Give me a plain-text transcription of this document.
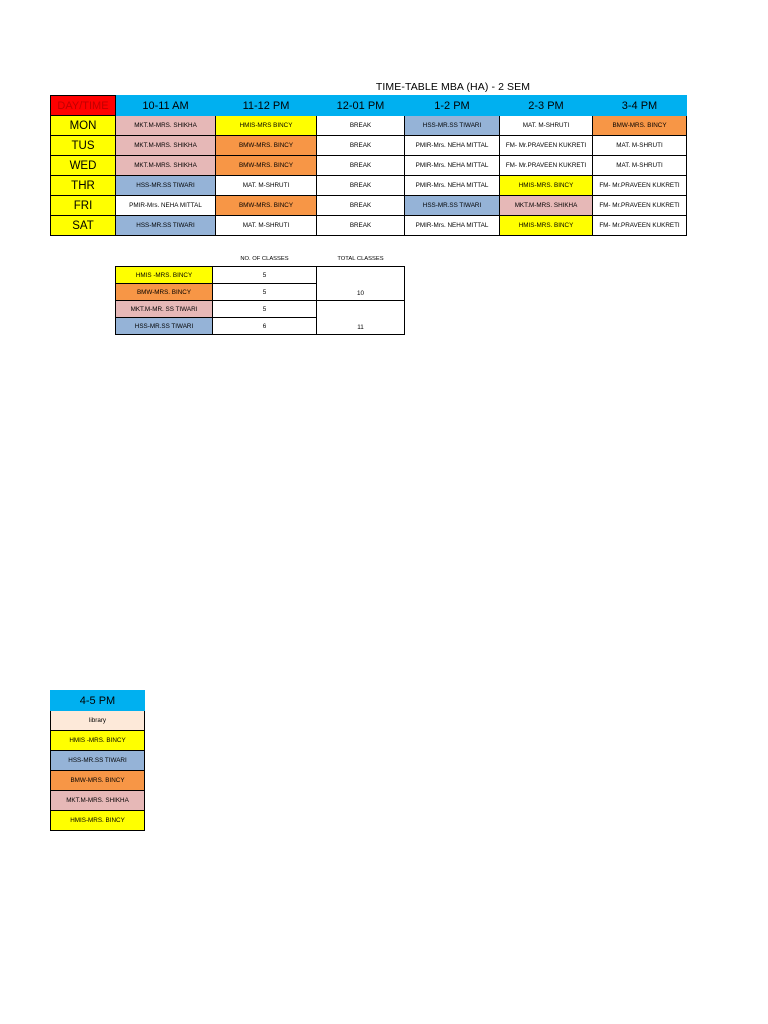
TIME-TABLE MBA (HA) - 2 SEM
DAY/TIME	10-11 AM	11-12 PM	12-01 PM	1-2 PM	2-3 PM	3-4 PM
MON	MKT.M-MRS. SHIKHA	HMIS-MRS BINCY	BREAK	HSS-MR.SS TIWARI	MAT. M-SHRUTI	BMW-MRS. BINCY
TUS	MKT.M-MRS. SHIKHA	BMW-MRS. BINCY	BREAK	PMIR-Mrs. NEHA MITTAL	FM- Mr.PRAVEEN KUKRETI	MAT. M-SHRUTI
WED	MKT.M-MRS. SHIKHA	BMW-MRS. BINCY	BREAK	PMIR-Mrs. NEHA MITTAL	FM- Mr.PRAVEEN KUKRETI	MAT. M-SHRUTI
THR	HSS-MR.SS TIWARI	MAT. M-SHRUTI	BREAK	PMIR-Mrs. NEHA MITTAL	HMIS-MRS. BINCY	FM- Mr.PRAVEEN KUKRETI
FRI	PMIR-Mrs. NEHA MITTAL	BMW-MRS. BINCY	BREAK	HSS-MR.SS TIWARI	MKT.M-MRS. SHIKHA	FM- Mr.PRAVEEN KUKRETI
SAT	HSS-MR.SS TIWARI	MAT. M-SHRUTI	BREAK	PMIR-Mrs. NEHA MITTAL	HMIS-MRS. BINCY	FM- Mr.PRAVEEN KUKRETI
	NO. OF CLASSES	TOTAL CLASSES
HMIS -MRS. BINCY	5	10
BMW-MRS. BINCY	5	
MKT.M-MR. SS TIWARI	5	11
HSS-MR.SS TIWARI	6	
4-5 PM
library
HMIS -MRS. BINCY
HSS-MR.SS TIWARI
BMW-MRS. BINCY
MKT.M-MRS. SHIKHA
HMIS-MRS. BINCY
